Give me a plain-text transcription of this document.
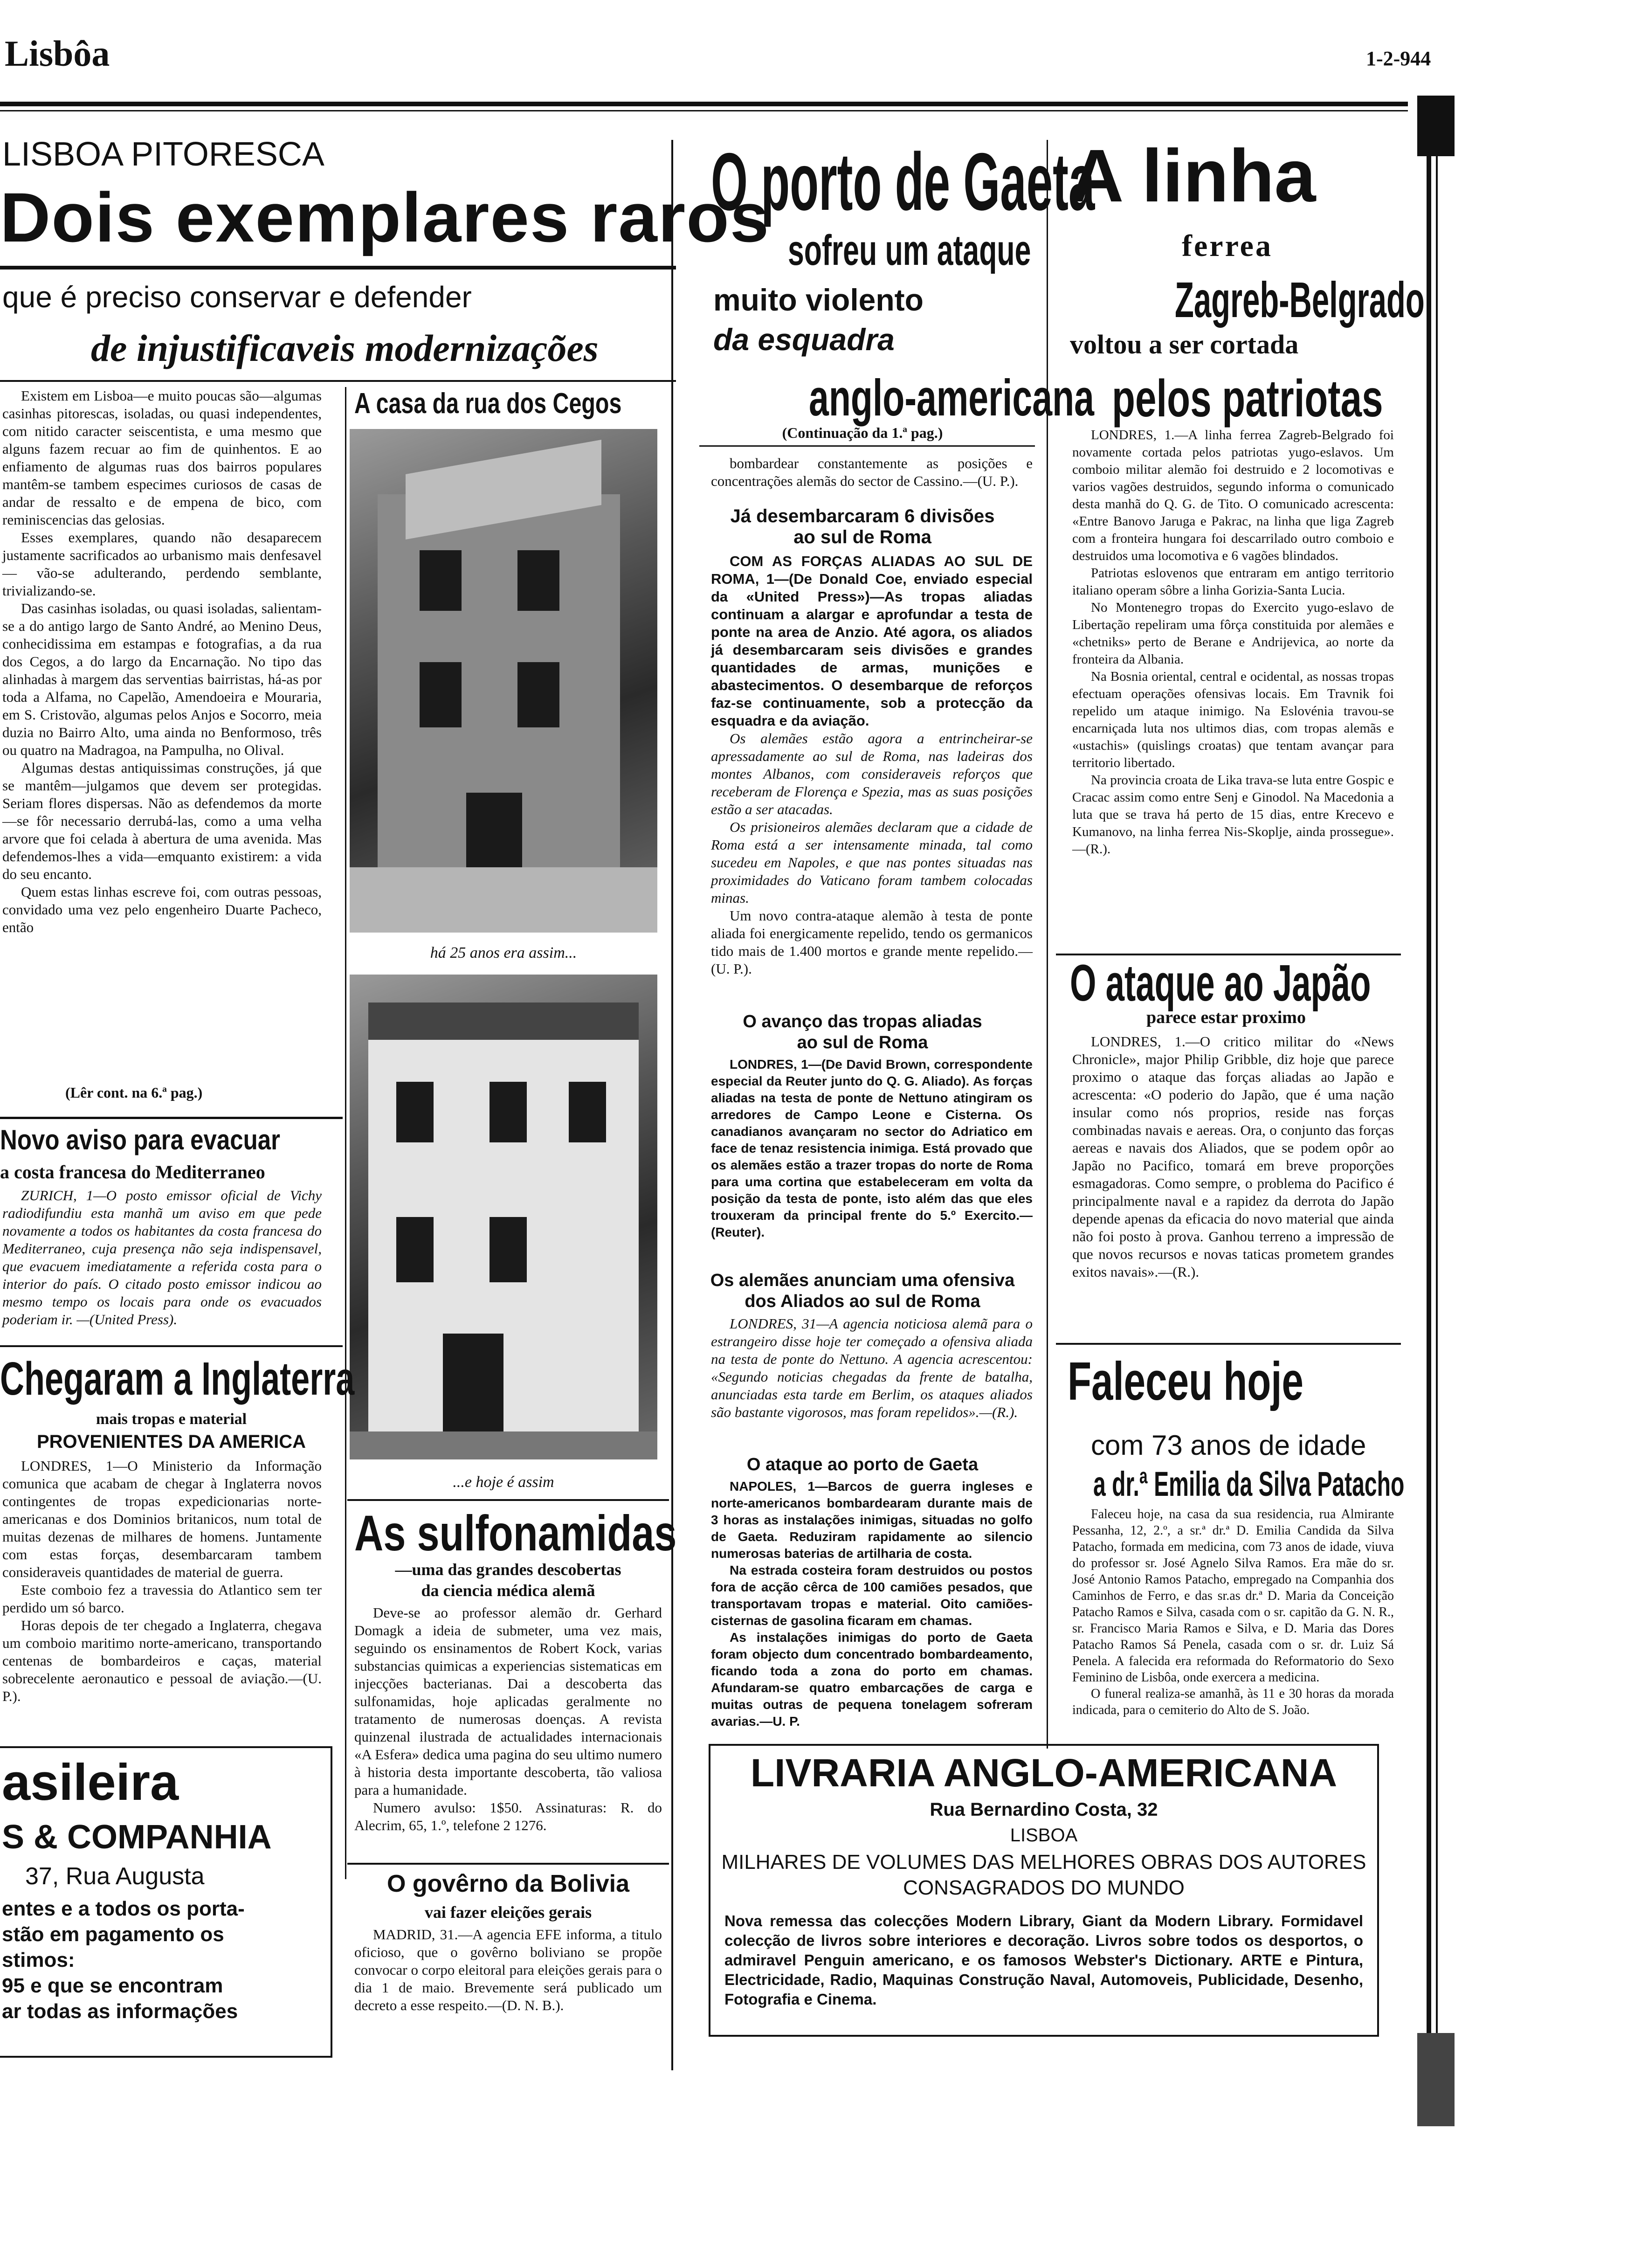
Lisbôa	1-2-944
LISBOA PITORESCA
Dois exemplares raros
que é preciso conservar e defender
de injustificaveis modernizações

Existem em Lisboa—e muito poucas são—algumas casinhas pitorescas, isoladas, ou quasi independentes, com nitido caracter seiscentista, e uma mesmo que alguns fazem recuar ao fim de quinhentos. E ao enfiamento de algumas ruas dos bairros populares mantêm-se tambem especimes curiosos de casas de andar de ressalto e de empena de bico, com reminiscencias das gelosias.

Esses exemplares, quando não desaparecem justamente sacrificados ao urbanismo mais denfesavel — vão-se adulterando, perdendo semblante, trivializando-se.

Das casinhas isoladas, ou quasi isoladas, salientam-se a do antigo largo de Santo André, ao Menino Deus, conhecidissima em estampas e fotografias, a da rua dos Cegos, a do largo da Encarnação. No tipo das alinhadas à margem das serventias bairristas, há-as por toda a Alfama, no Capelão, Amendoeira e Mouraria, em S. Cristovão, algumas pelos Anjos e Socorro, meia duzia no Bairro Alto, uma ainda no Benformoso, três ou quatro na Madragoa, na Pampulha, no Olival.

Algumas destas antiquissimas construções, já que se mantêm—julgamos que devem ser protegidas. Seriam flores dispersas. Não as defendemos da morte—se fôr necessario derrubá-las, como a uma velha arvore que foi celada à abertura de uma avenida. Mas defendemos-lhes a vida—emquanto existirem: a vida do seu encanto.

Quem estas linhas escreve foi, com outras pessoas, convidado uma vez pelo engenheiro Duarte Pacheco, então

(Lêr cont. na 6.ª pag.)
A casa da rua dos Cegos
há 25 anos era assim...
...e hoje é assim
Novo aviso para evacuar
a costa francesa do Mediterraneo

ZURICH, 1—O posto emissor oficial de Vichy radiodifundiu esta manhã um aviso em que pede novamente a todos os habitantes da costa francesa do Mediterraneo, cuja presença não seja indispensavel, que evacuem imediatamente a referida costa para o interior do país. O citado posto emissor indicou ao mesmo tempo os locais para onde os evacuados poderiam ir. —(United Press).

Chegaram a Inglaterra
mais tropas e material
PROVENIENTES DA AMERICA

LONDRES, 1—O Ministerio da Informação comunica que acabam de chegar à Inglaterra novos contingentes de tropas expedicionarias norte-americanas e dos Dominios britanicos, num total de muitas dezenas de milhares de homens. Juntamente com estas forças, desembarcaram tambem consideraveis quantidades de material de guerra.

Este comboio fez a travessia do Atlantico sem ter perdido um só barco.

Horas depois de ter chegado a Inglaterra, chegava um comboio maritimo norte-americano, transportando centenas de bombardeiros e caças, material sobrecelente aeronautico e pessoal de aviação.—(U. P.).

asileira
S & COMPANHIA
37, Rua Augusta
entes e a todos os porta-
stão em pagamento os
stimos:
95 e que se encontram
ar todas as informações
As sulfonamidas
—uma das grandes descobertas
da ciencia médica alemã

Deve-se ao professor alemão dr. Gerhard Domagk a ideia de submeter, uma vez mais, seguindo os ensinamentos de Robert Kock, varias substancias quimicas a experiencias sistematicas em injecções bacterianas. Dai a descoberta das sulfonamidas, hoje aplicadas geralmente no tratamento de numerosas doenças. A revista quinzenal ilustrada de actualidades internacionais «A Esfera» dedica uma pagina do seu ultimo numero à historia desta importante descoberta, tão valiosa para a humanidade.

Numero avulso: 1$50. Assinaturas: R. do Alecrim, 65, 1.º, telefone 2 1276.

O govêrno da Bolivia
vai fazer eleições gerais

MADRID, 31.—A agencia EFE informa, a titulo oficioso, que o govêrno boliviano se propõe convocar o corpo eleitoral para eleições gerais para o dia 1 de maio. Brevemente será publicado um decreto a esse respeito.—(D. N. B.).

O porto de Gaeta
sofreu um ataque
muito violento
da esquadra
anglo-americana
(Continuação da 1.ª pag.)

bombardear constantemente as posições e concentrações alemãs do sector de Cassino.—(U. P.).

Já desembarcaram 6 divisões
ao sul de Roma

COM AS FORÇAS ALIADAS AO SUL DE ROMA, 1—(De Donald Coe, enviado especial da «United Press»)—As tropas aliadas continuam a alargar e aprofundar a testa de ponte na area de Anzio. Até agora, os aliados já desembarcaram seis divisões e grandes quantidades de armas, munições e abastecimentos. O desembarque de reforços faz-se continuamente, sob a protecção da esquadra e da aviação.

Os alemães estão agora a entrincheirar-se apressadamente ao sul de Roma, nas ladeiras dos montes Albanos, com consideraveis reforços que receberam de Florença e Spezia, mas as suas posições estão a ser atacadas.

Os prisioneiros alemães declaram que a cidade de Roma está a ser intensamente minada, tal como sucedeu em Napoles, e que nas pontes situadas nas proximidades do Vaticano foram tambem colocadas minas.

Um novo contra-ataque alemão à testa de ponte aliada foi energicamente repelido, tendo os germanicos tido mais de 1.400 mortos e grande mente repelido.—(U. P.).

O avanço das tropas aliadas
ao sul de Roma

LONDRES, 1—(De David Brown, correspondente especial da Reuter junto do Q. G. Aliado). As forças aliadas na testa de ponte de Nettuno atingiram os arredores de Campo Leone e Cisterna. Os canadianos avançaram no sector do Adriatico em face de tenaz resistencia inimiga. Está provado que os alemães estão a trazer tropas do norte de Roma para uma cortina que estabeleceram em volta da posição da testa de ponte, isto além das que eles trouxeram da principal frente do 5.º Exercito.—(Reuter).

Os alemães anunciam uma ofensiva
dos Aliados ao sul de Roma

LONDRES, 31—A agencia noticiosa alemã para o estrangeiro disse hoje ter começado a ofensiva aliada na testa de ponte do Nettuno. A agencia acrescentou: «Segundo noticias chegadas da frente de batalha, anunciadas esta tarde em Berlim, os ataques aliados são bastante vigorosos, mas foram repelidos».—(R.).

O ataque ao porto de Gaeta

NAPOLES, 1—Barcos de guerra ingleses e norte-americanos bombardearam durante mais de 3 horas as instalações inimigas, situadas no golfo de Gaeta. Reduziram rapidamente ao silencio numerosas baterias de artilharia de costa.

Na estrada costeira foram destruidos ou postos fora de acção cêrca de 100 camiões pesados, que transportavam tropas e material. Oito camiões-cisternas de gasolina ficaram em chamas.

As instalações inimigas do porto de Gaeta foram objecto dum concentrado bombardeamento, ficando toda a zona do porto em chamas. Afundaram-se quatro embarcações de carga e muitas outras de pequena tonelagem sofreram avarias.—U. P.

A linha
ferrea
Zagreb-Belgrado
voltou a ser cortada
pelos patriotas

LONDRES, 1.—A linha ferrea Zagreb-Belgrado foi novamente cortada pelos patriotas yugo-eslavos. Um comboio militar alemão foi destruido e 2 locomotivas e varios vagões destruidos, segundo informa o comunicado desta manhã do Q. G. de Tito. O comunicado acrescenta: «Entre Banovo Jaruga e Pakrac, na linha que liga Zagreb com a fronteira hungara foi descarrilado outro comboio e destruidos uma locomotiva e 6 vagões blindados.

Patriotas eslovenos que entraram em antigo territorio italiano operam sôbre a linha Gorizia-Santa Lucia.

No Montenegro tropas do Exercito yugo-eslavo de Libertação repeliram uma fôrça constituida por alemães e «chetniks» perto de Berane e Andrijevica, ao norte da fronteira da Albania.

Na Bosnia oriental, central e ocidental, as nossas tropas efectuam operações ofensivas locais. Em Travnik foi repelido um ataque inimigo. Na Eslovénia travou-se encarniçada luta nos ultimos dias, com tropas alemãs e «ustachis» (quislings croatas) que tentam avançar para territorio libertado.

Na provincia croata de Lika trava-se luta entre Gospic e Cracac assim como entre Senj e Ginodol. Na Macedonia a luta que se trava há perto de 15 dias, entre Krecevo e Kumanovo, na linha ferrea Nis-Skoplje, ainda prossegue».—(R.).

O ataque ao Japão
parece estar proximo

LONDRES, 1.—O critico militar do «News Chronicle», major Philip Gribble, diz hoje que parece proximo o ataque das forças aliadas ao Japão e acrescenta: «O poderio do Japão, que é uma nação insular como nós proprios, reside nas forças combinadas navais e aereas. Ora, o conjunto das forças aereas e navais dos Aliados, que se podem opôr ao Japão no Pacifico, tomará em breve proporções esmagadoras. Como sempre, o problema do Pacifico é principalmente naval e a rapidez da derrota do Japão depende apenas da eficacia do novo material que ainda não foi posto à prova. Ganhou terreno a impressão de que novos recursos e novas taticas prometem grandes exitos navais».—(R.).

Faleceu hoje
com 73 anos de idade
a dr.ª Emilia da Silva Patacho

Faleceu hoje, na casa da sua residencia, rua Almirante Pessanha, 12, 2.º, a sr.ª dr.ª D. Emilia Candida da Silva Patacho, formada em medicina, com 73 anos de idade, viuva do professor sr. José Agnelo Silva Ramos. Era mãe do sr. José Antonio Ramos Patacho, empregado na Companhia dos Caminhos de Ferro, e das sr.as dr.ª D. Maria da Conceição Patacho Ramos e Silva, casada com o sr. capitão da G. N. R., sr. Francisco Maria Ramos e Silva, e D. Maria das Dores Patacho Ramos Sá Penela, casada com o sr. dr. Luiz Sá Penela. A falecida era reformada do Reformatorio do Sexo Feminino de Lisbôa, onde exercera a medicina.

O funeral realiza-se amanhã, às 11 e 30 horas da morada indicada, para o cemiterio do Alto de S. João.

LIVRARIA ANGLO-AMERICANA
Rua Bernardino Costa, 32
LISBOA
MILHARES DE VOLUMES DAS MELHORES OBRAS DOS AUTORES
CONSAGRADOS DO MUNDO
Nova remessa das colecções Modern Library, Giant da Modern Library. Formidavel colecção de livros sobre interiores e decoração. Livros sobre todos os desportos, o admiravel Penguin americano, e os famosos Webster's Dictionary. ARTE e Pintura, Electricidade, Radio, Maquinas Construção Naval, Automoveis, Publicidade, Desenho, Fotografia e Cinema.
